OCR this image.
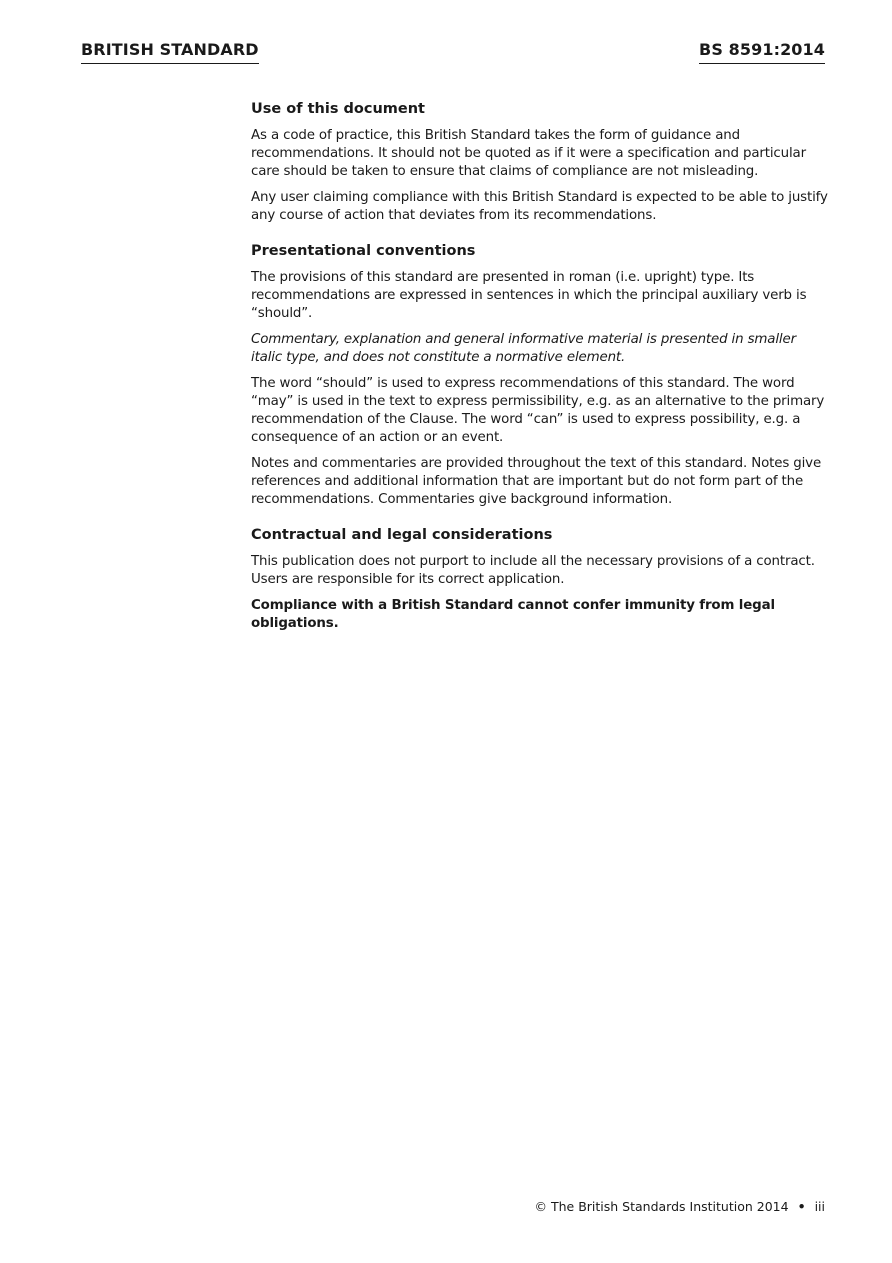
BRITISH STANDARD	BS 8591:2014
Use of this document

As a code of practice, this British Standard takes the form of guidance and recommendations. It should not be quoted as if it were a specification and particular care should be taken to ensure that claims of compliance are not misleading.

Any user claiming compliance with this British Standard is expected to be able to justify any course of action that deviates from its recommendations.

Presentational conventions

The provisions of this standard are presented in roman (i.e. upright) type. Its recommendations are expressed in sentences in which the principal auxiliary verb is “should”.

Commentary, explanation and general informative material is presented in smaller italic type, and does not constitute a normative element.

The word “should” is used to express recommendations of this standard. The word “may” is used in the text to express permissibility, e.g. as an alternative to the primary recommendation of the Clause. The word “can” is used to express possibility, e.g. a consequence of an action or an event.

Notes and commentaries are provided throughout the text of this standard. Notes give references and additional information that are important but do not form part of the recommendations. Commentaries give background information.

Contractual and legal considerations

This publication does not purport to include all the necessary provisions of a contract. Users are responsible for its correct application.

Compliance with a British Standard cannot confer immunity from legal obligations.

© The British Standards Institution 2014 • iii
